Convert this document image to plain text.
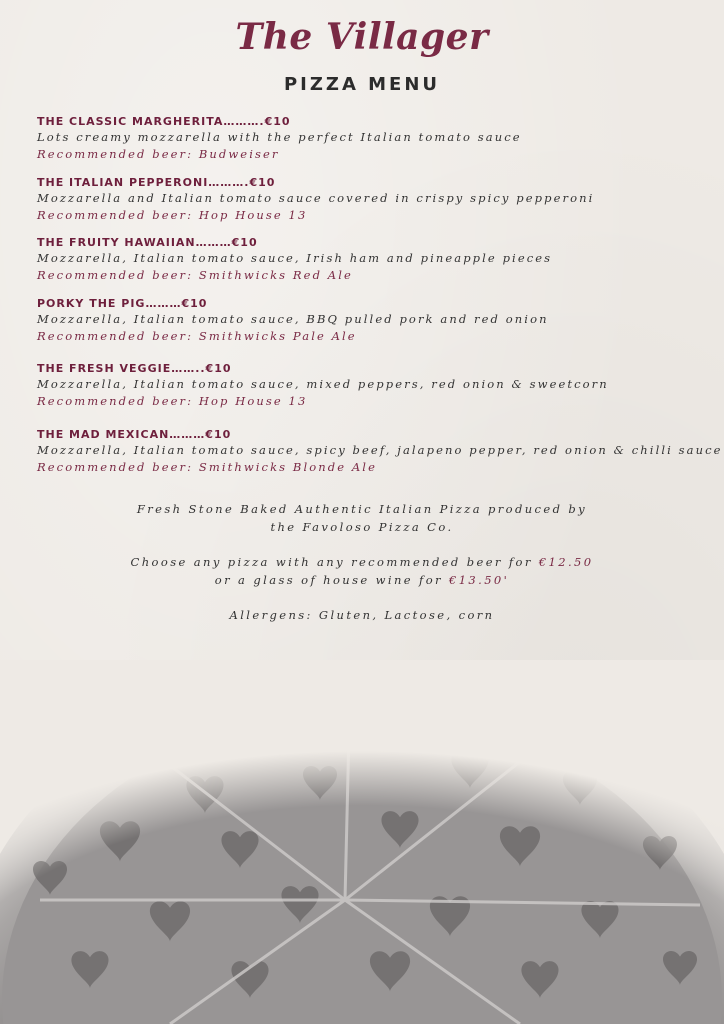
The Villager
PIZZA MENU
THE CLASSIC MARGHERITA……….€10
Lots creamy mozzarella with the perfect Italian tomato sauce
Recommended beer: Budweiser
THE ITALIAN PEPPERONI……….€10
Mozzarella and Italian tomato sauce covered in crispy spicy pepperoni
Recommended beer: Hop House 13
THE FRUITY HAWAIIAN………€10
Mozzarella, Italian tomato sauce, Irish ham and pineapple pieces
Recommended beer: Smithwicks Red Ale
PORKY THE PIG………€10
Mozzarella, Italian tomato sauce, BBQ pulled pork and red onion
Recommended beer: Smithwicks Pale Ale
THE FRESH VEGGIE……..€10
Mozzarella, Italian tomato sauce, mixed peppers, red onion & sweetcorn
Recommended beer: Hop House 13
THE MAD MEXICAN………€10
Mozzarella, Italian tomato sauce, spicy beef, jalapeno pepper, red onion & chilli sauce
Recommended beer: Smithwicks Blonde Ale
Fresh Stone Baked Authentic Italian Pizza produced by
the Favoloso Pizza Co.
Choose any pizza with any recommended beer for €12.50
or a glass of house wine for €13.50'
Allergens: Gluten, Lactose, corn
